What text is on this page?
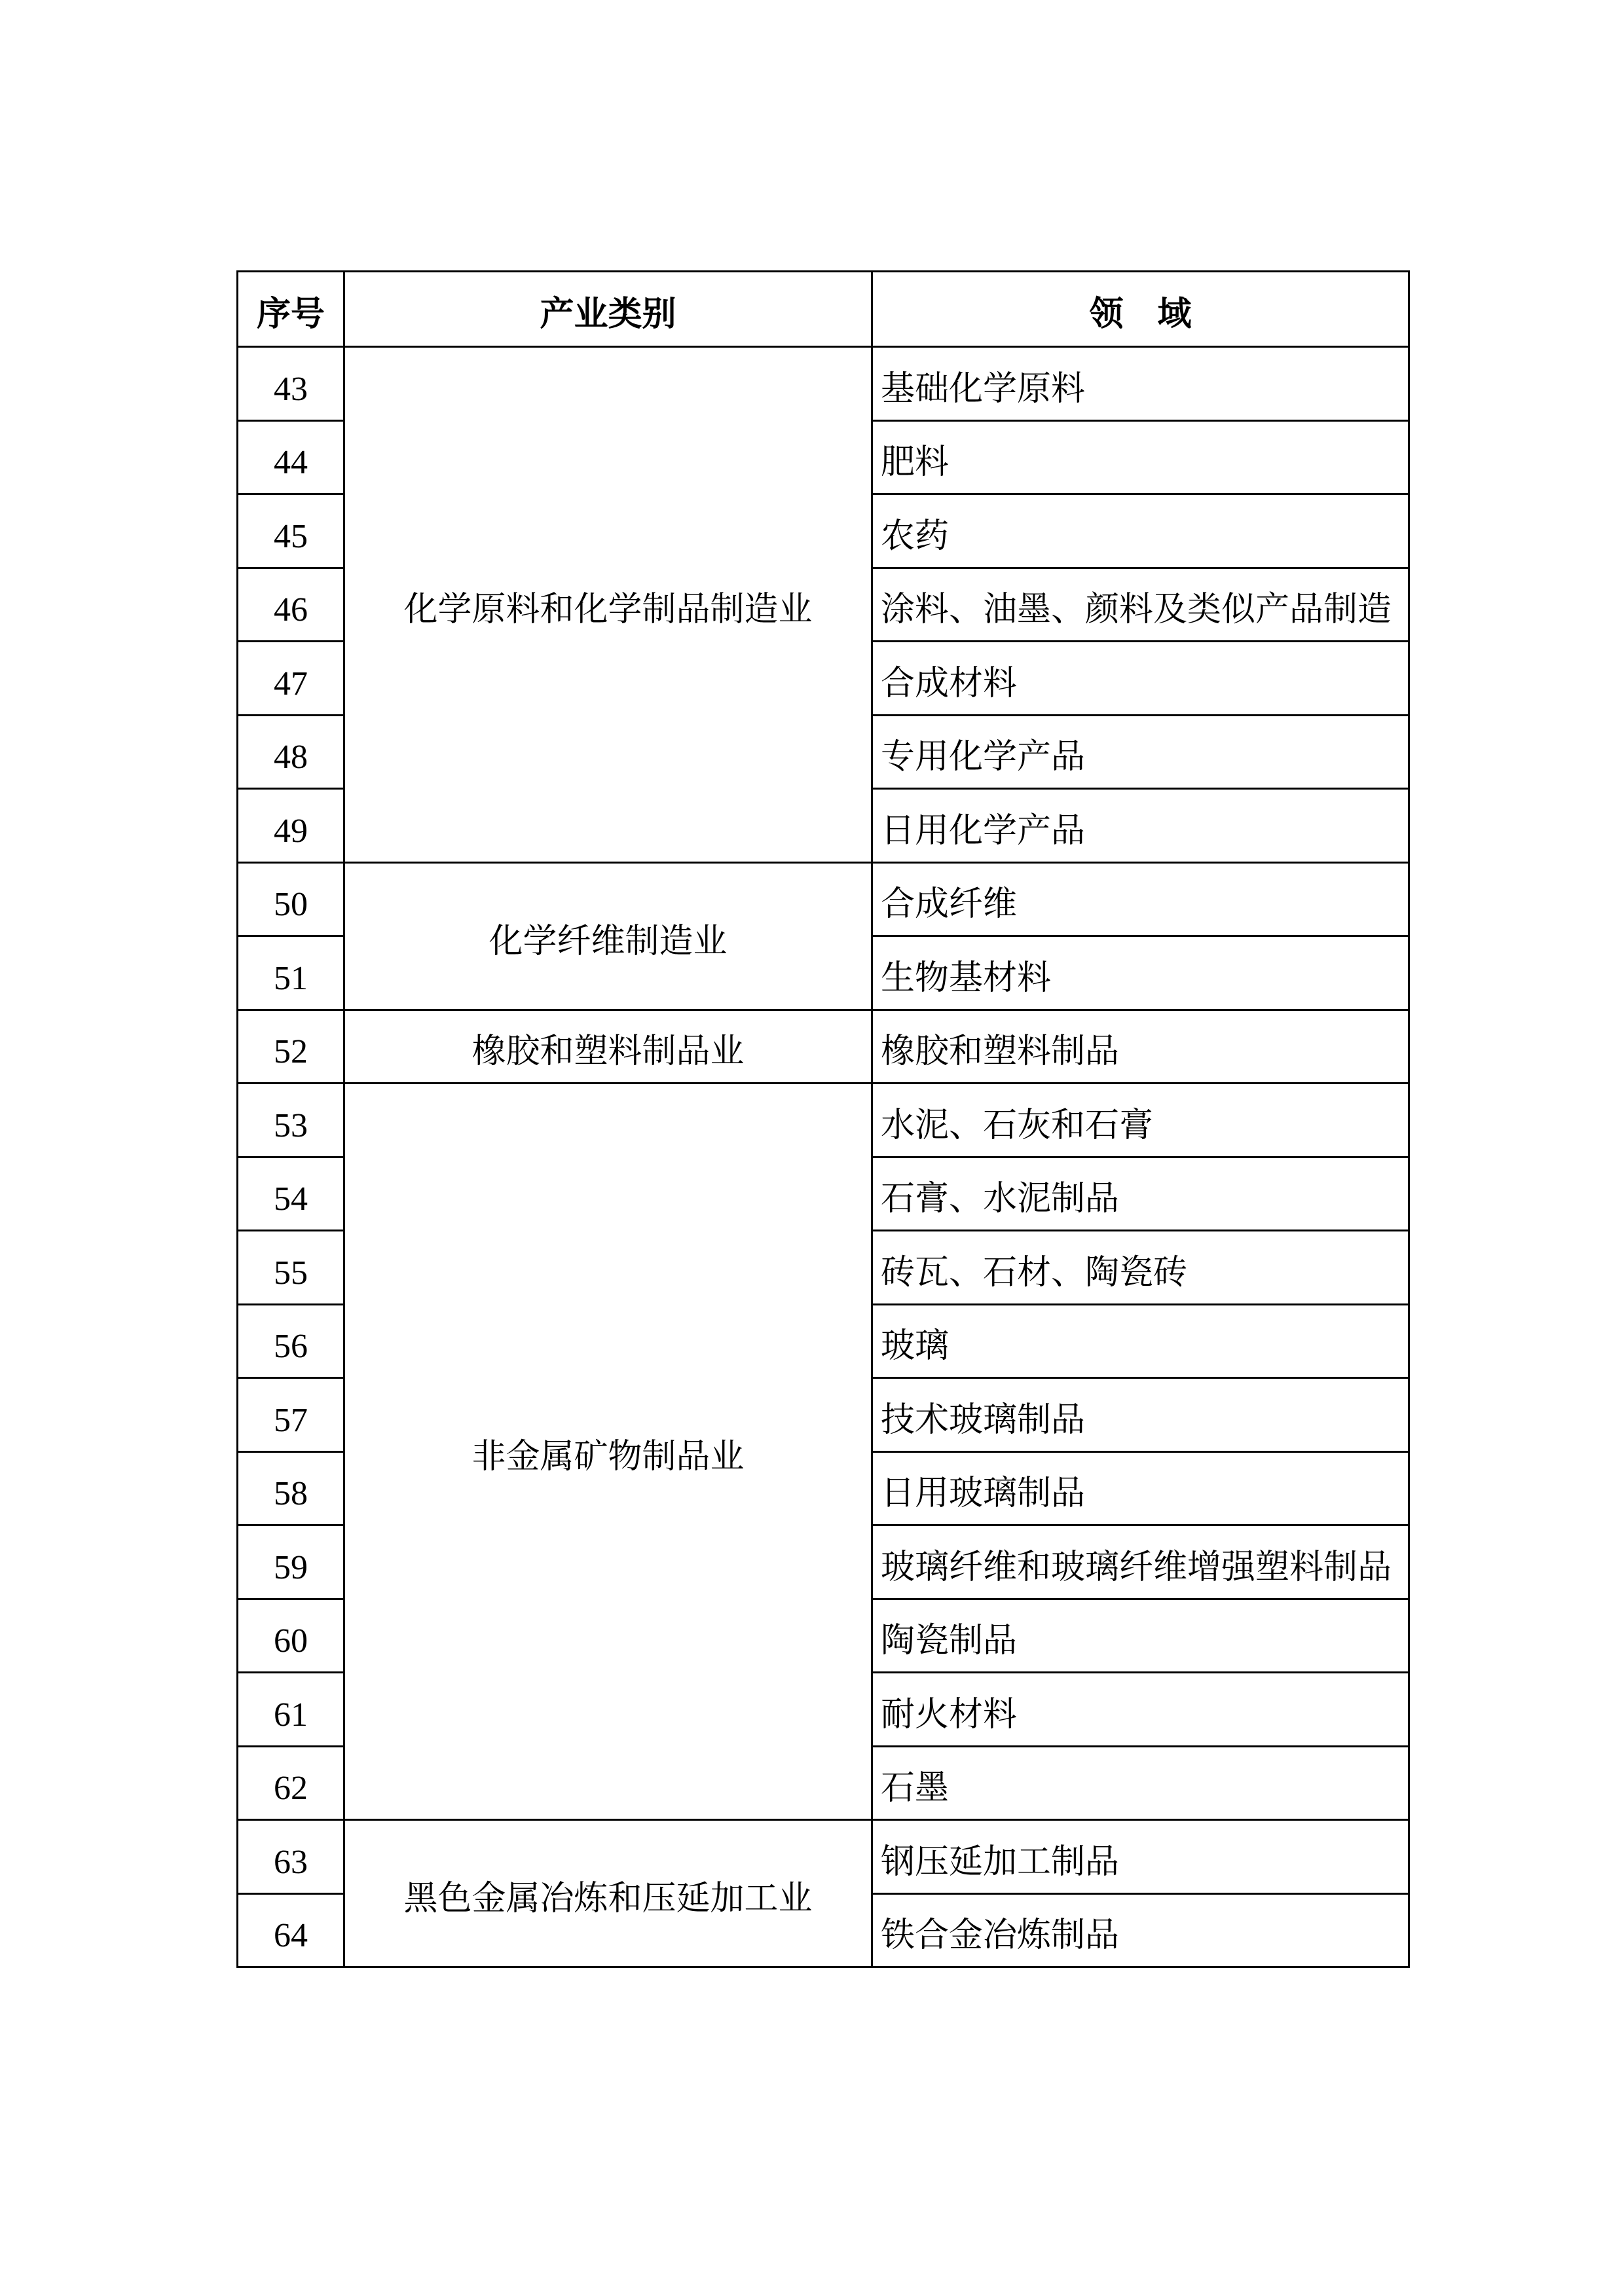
序号	产业类别	领　域
43	化学原料和化学制品制造业	基础化学原料
44		肥料
45		农药
46		涂料、油墨、颜料及类似产品制造
47		合成材料
48		专用化学产品
49		日用化学产品
50	化学纤维制造业	合成纤维
51		生物基材料
52	橡胶和塑料制品业	橡胶和塑料制品
53	非金属矿物制品业	水泥、石灰和石膏
54		石膏、水泥制品
55		砖瓦、石材、陶瓷砖
56		玻璃
57		技术玻璃制品
58		日用玻璃制品
59		玻璃纤维和玻璃纤维增强塑料制品
60		陶瓷制品
61		耐火材料
62		石墨
63	黑色金属冶炼和压延加工业	钢压延加工制品
64		铁合金冶炼制品
